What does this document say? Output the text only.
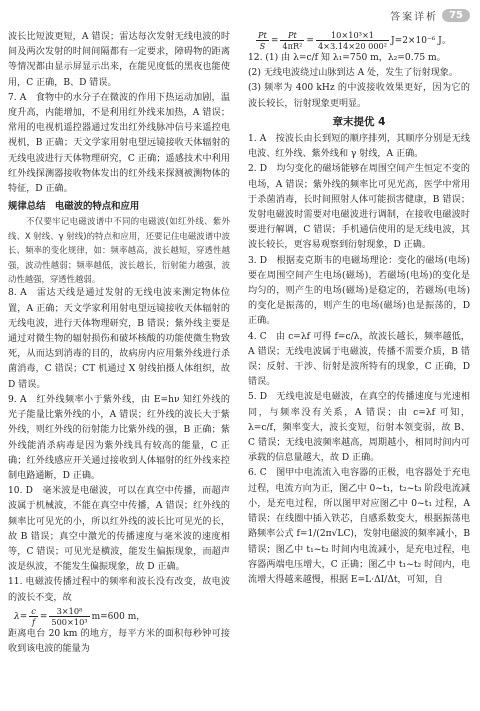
答案详析	75

波长比短波更短，A 错误；雷达每次发射无线电波的时间及两次发射的时间间隔都有一定要求，障碍物的距离等情况都由显示屏显示出来，在能见度低的黑夜也能使用，C 正确，B、D 错误。

7. A　食物中的水分子在微波的作用下热运动加剧，温度升高，内能增加，不是利用红外线来加热，A 错误；常用的电视机遥控器通过发出红外线脉冲信号来遥控电视机，B 正确；天文学家用射电望远镜接收天体辐射的无线电波进行天体物理研究，C 正确；遥感技术中利用红外线探测器接收物体发出的红外线来探测被测物体的特征，D 正确。

规律总结　电磁波的特点和应用

不仅要牢记电磁波谱中不同的电磁波(如红外线、紫外线、X 射线、γ 射线)的特点和应用，还要记住电磁波谱中波长、频率的变化规律，如：频率越高，波长越短，穿透性越强，波动性越弱；频率越低，波长越长，衍射能力越强，波动性越强，穿透性越弱。

8. A　雷达天线是通过发射的无线电波来测定物体位置，A 正确；天文学家利用射电望远镜接收天体辐射的无线电波，进行天体物理研究，B 错误；紫外线主要是通过对微生物的辐射损伤和破坏核酸的功能使微生物致死，从而达到消毒的目的，故病房内应用紫外线进行杀菌消毒，C 错误；CT 机通过 X 射线拍摄人体组织，故 D 错误。

9. A　红外线频率小于紫外线，由 E=hν 知红外线的光子能量比紫外线的小，A 错误；红外线的波长大于紫外线，则红外线的衍射能力比紫外线的强，B 正确；紫外线能消杀病毒是因为紫外线具有较高的能量，C 正确；红外线感应开关通过接收到人体辐射的红外线来控制电路通断，D 正确。

10. D　毫米波是电磁波，可以在真空中传播，而超声波属于机械波，不能在真空中传播，A 错误；红外线的频率比可见光的小，所以红外线的波长比可见光的长，故 B 错误；真空中激光的传播速度与毫米波的速度相等，C 错误；可见光是横波，能发生偏振现象，而超声波是纵波，不能发生偏振现象，故 D 正确。

11. 电磁波传播过程中的频率和波长没有改变，故电波的波长不变，故

$\lambda= \frac{c}{f} = \frac{\text{3×10⁸}}{\text{500×10³}} m=600$ m，

距离电台 20 km 的地方，每平方米的面积每秒钟可接收到该电波的能量为

$\frac{Pt}{S} = \frac{Pt}{\text{4πR²}} = \frac{\text{10×10³×1}}{\text{4×3.14×20 000²}} J=2\times 10^{-6}$ J。

12. (1) 由 λ=c/f 知 λ₁=750 m，λ₂=0.75 m。

(2) 无线电波绕过山脉到达 A 处，发生了衍射现象。

(3) 频率为 400 kHz 的中波接收效果更好，因为它的波长较长，衍射现象更明显。

章末提优 4

1. A　按波长由长到短的顺序排列，其顺序分别是无线电波、红外线、紫外线和 γ 射线，A 正确。

2. D　均匀变化的磁场能够在周围空间产生恒定不变的电场，A 错误；紫外线的频率比可见光高，医学中常用于杀菌消毒，长时间照射人体可能损害健康，B 错误；发射电磁波时需要对电磁波进行调制，在接收电磁波时要进行解调，C 错误；手机通信使用的是无线电波，其波长较长，更容易观察到衍射现象，D 正确。

3. D　根据麦克斯韦的电磁场理论：变化的磁场(电场)要在周围空间产生电场(磁场)，若磁场(电场)的变化是均匀的，则产生的电场(磁场)是稳定的，若磁场(电场)的变化是振荡的，则产生的电场(磁场)也是振荡的，D 正确。

4. C　由 c=λf 可得 f=c/λ，故波长越长，频率越低，A 错误；无线电波属于电磁波，传播不需要介质，B 错误；反射、干涉、衍射是波所特有的现象，C 正确，D 错误。

5. D　无线电波是电磁波，在真空的传播速度与光速相同，与频率没有关系，A 错误；由 c=λf 可知，λ=c/f，频率变大，波长变短，衍射本领变弱，故 B、C 错误；无线电波频率越高，周期越小，相同时间内可承载的信息量越大，故 D 正确。

6. C　图甲中电流流入电容器的正极，电容器处于充电过程，电流方向为正，图乙中 0~t₁，t₂~t₃ 阶段电流减小，是充电过程，所以图甲对应图乙中 0~t₁ 过程，A 错误；在线圈中插入铁芯，自感系数变大，根据振荡电路频率公式 f=1/(2π√LC)，发射电磁波的频率减小，B 错误；图乙中 t₁~t₂ 时间内电流减小，是充电过程，电容器两端电压增大，C 正确；图乙中 t₁~t₂ 时间内，电流增大得越来越慢，根据 E=L·ΔI/Δt，可知，自
